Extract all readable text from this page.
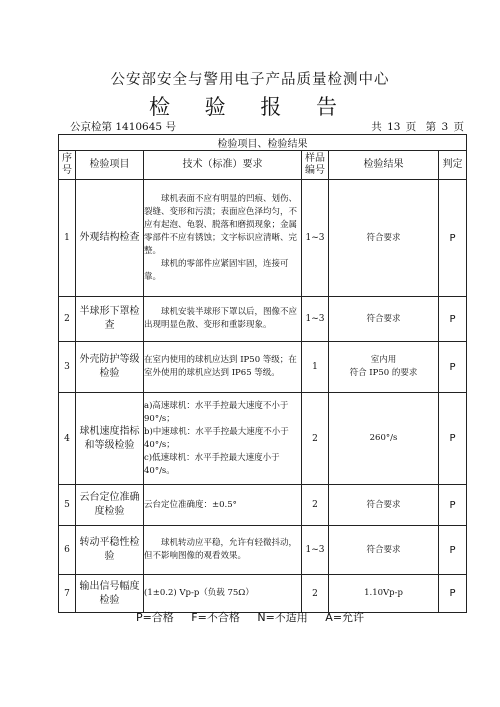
公安部安全与警用电子产品质量检测中心
检 验 报 告
公京检第 1410645 号	共 13 页 第 3 页
检验项目、检验结果					
序号	检验项目	技术（标准）要求	样品编号	检验结果	判定
1	外观结构检查	　　球机表面不应有明显的凹痕、划伤、裂缝、变形和污渍；表面应色泽均匀，不应有起泡、龟裂、脱落和磨损现象；金属零部件不应有锈蚀；文字标识应清晰、完整。

　　球机的零部件应紧固牢固，连接可靠。	1~3	符合要求	P
2	半球形下罩检查	　　球机安装半球形下罩以后，图像不应出现明显色散、变形和重影现象。	1~3	符合要求	P
3	外壳防护等级检验	在室内使用的球机应达到 IP50 等级；在室外使用的球机应达到 IP65 等级。	1	室内用
符合 IP50 的要求	P
4	球机速度指标和等级检验	a)高速球机：水平手控最大速度不小于 90°/s；

b)中速球机：水平手控最大速度不小于 40°/s；

c)低速球机：水平手控最大速度小于 40°/s。	2	260°/s	P
5	云台定位准确度检验	云台定位准确度：±0.5°	2	符合要求	P
6	转动平稳性检验	　　球机转动应平稳，允许有轻微抖动，但不影响图像的观看效果。	1~3	符合要求	P
7	输出信号幅度检验	(1±0.2) Vp-p（负载 75Ω）	2	1.10Vp-p	P
P=合格 F=不合格 N=不适用 A=允许
